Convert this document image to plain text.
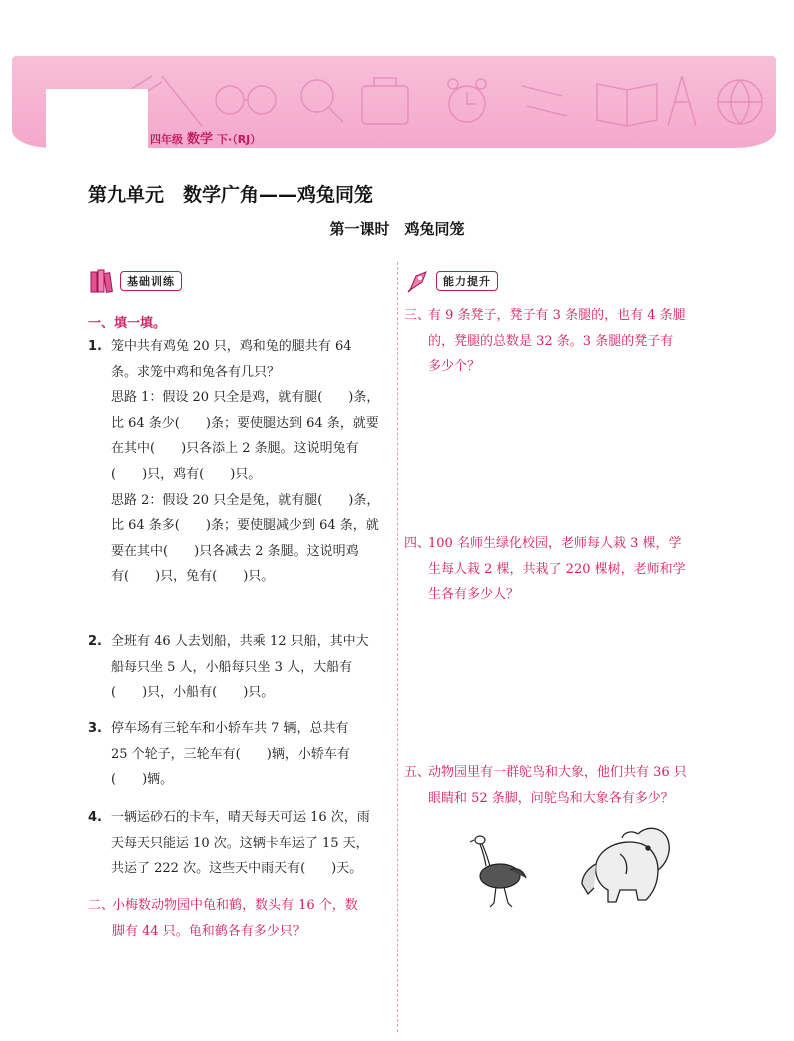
四年级 数学 下·（RJ）
第九单元　数学广角——鸡兔同笼
第一课时　鸡兔同笼
基础训练	能力提升
一、填一填。
1. 笼中共有鸡兔 20 只，鸡和兔的腿共有 64
条。求笼中鸡和兔各有几只？
思路 1：假设 20 只全是鸡，就有腿(　　)条，
比 64 条少(　　)条；要使腿达到 64 条，就要
在其中(　　)只各添上 2 条腿。这说明兔有
(　　)只，鸡有(　　)只。
思路 2：假设 20 只全是兔，就有腿(　　)条，
比 64 条多(　　)条；要使腿减少到 64 条，就
要在其中(　　)只各减去 2 条腿。这说明鸡
有(　　)只，兔有(　　)只。
2. 全班有 46 人去划船，共乘 12 只船，其中大
船每只坐 5 人，小船每只坐 3 人，大船有
(　　)只，小船有(　　)只。
3. 停车场有三轮车和小轿车共 7 辆，总共有
25 个轮子，三轮车有(　　)辆，小轿车有
(　　)辆。
4. 一辆运砂石的卡车，晴天每天可运 16 次，雨
天每天只能运 10 次。这辆卡车运了 15 天，
共运了 222 次。这些天中雨天有(　　)天。
二、
小梅数动物园中龟和鹤，数头有 16 个，数
脚有 44 只。龟和鹤各有多少只？
三、
有 9 条凳子，凳子有 3 条腿的，也有 4 条腿
的，凳腿的总数是 32 条。3 条腿的凳子有
多少个？
四、
100 名师生绿化校园，老师每人栽 3 棵，学
生每人栽 2 棵，共栽了 220 棵树，老师和学
生各有多少人？
五、
动物园里有一群鸵鸟和大象，他们共有 36 只
眼睛和 52 条脚，问鸵鸟和大象各有多少？
